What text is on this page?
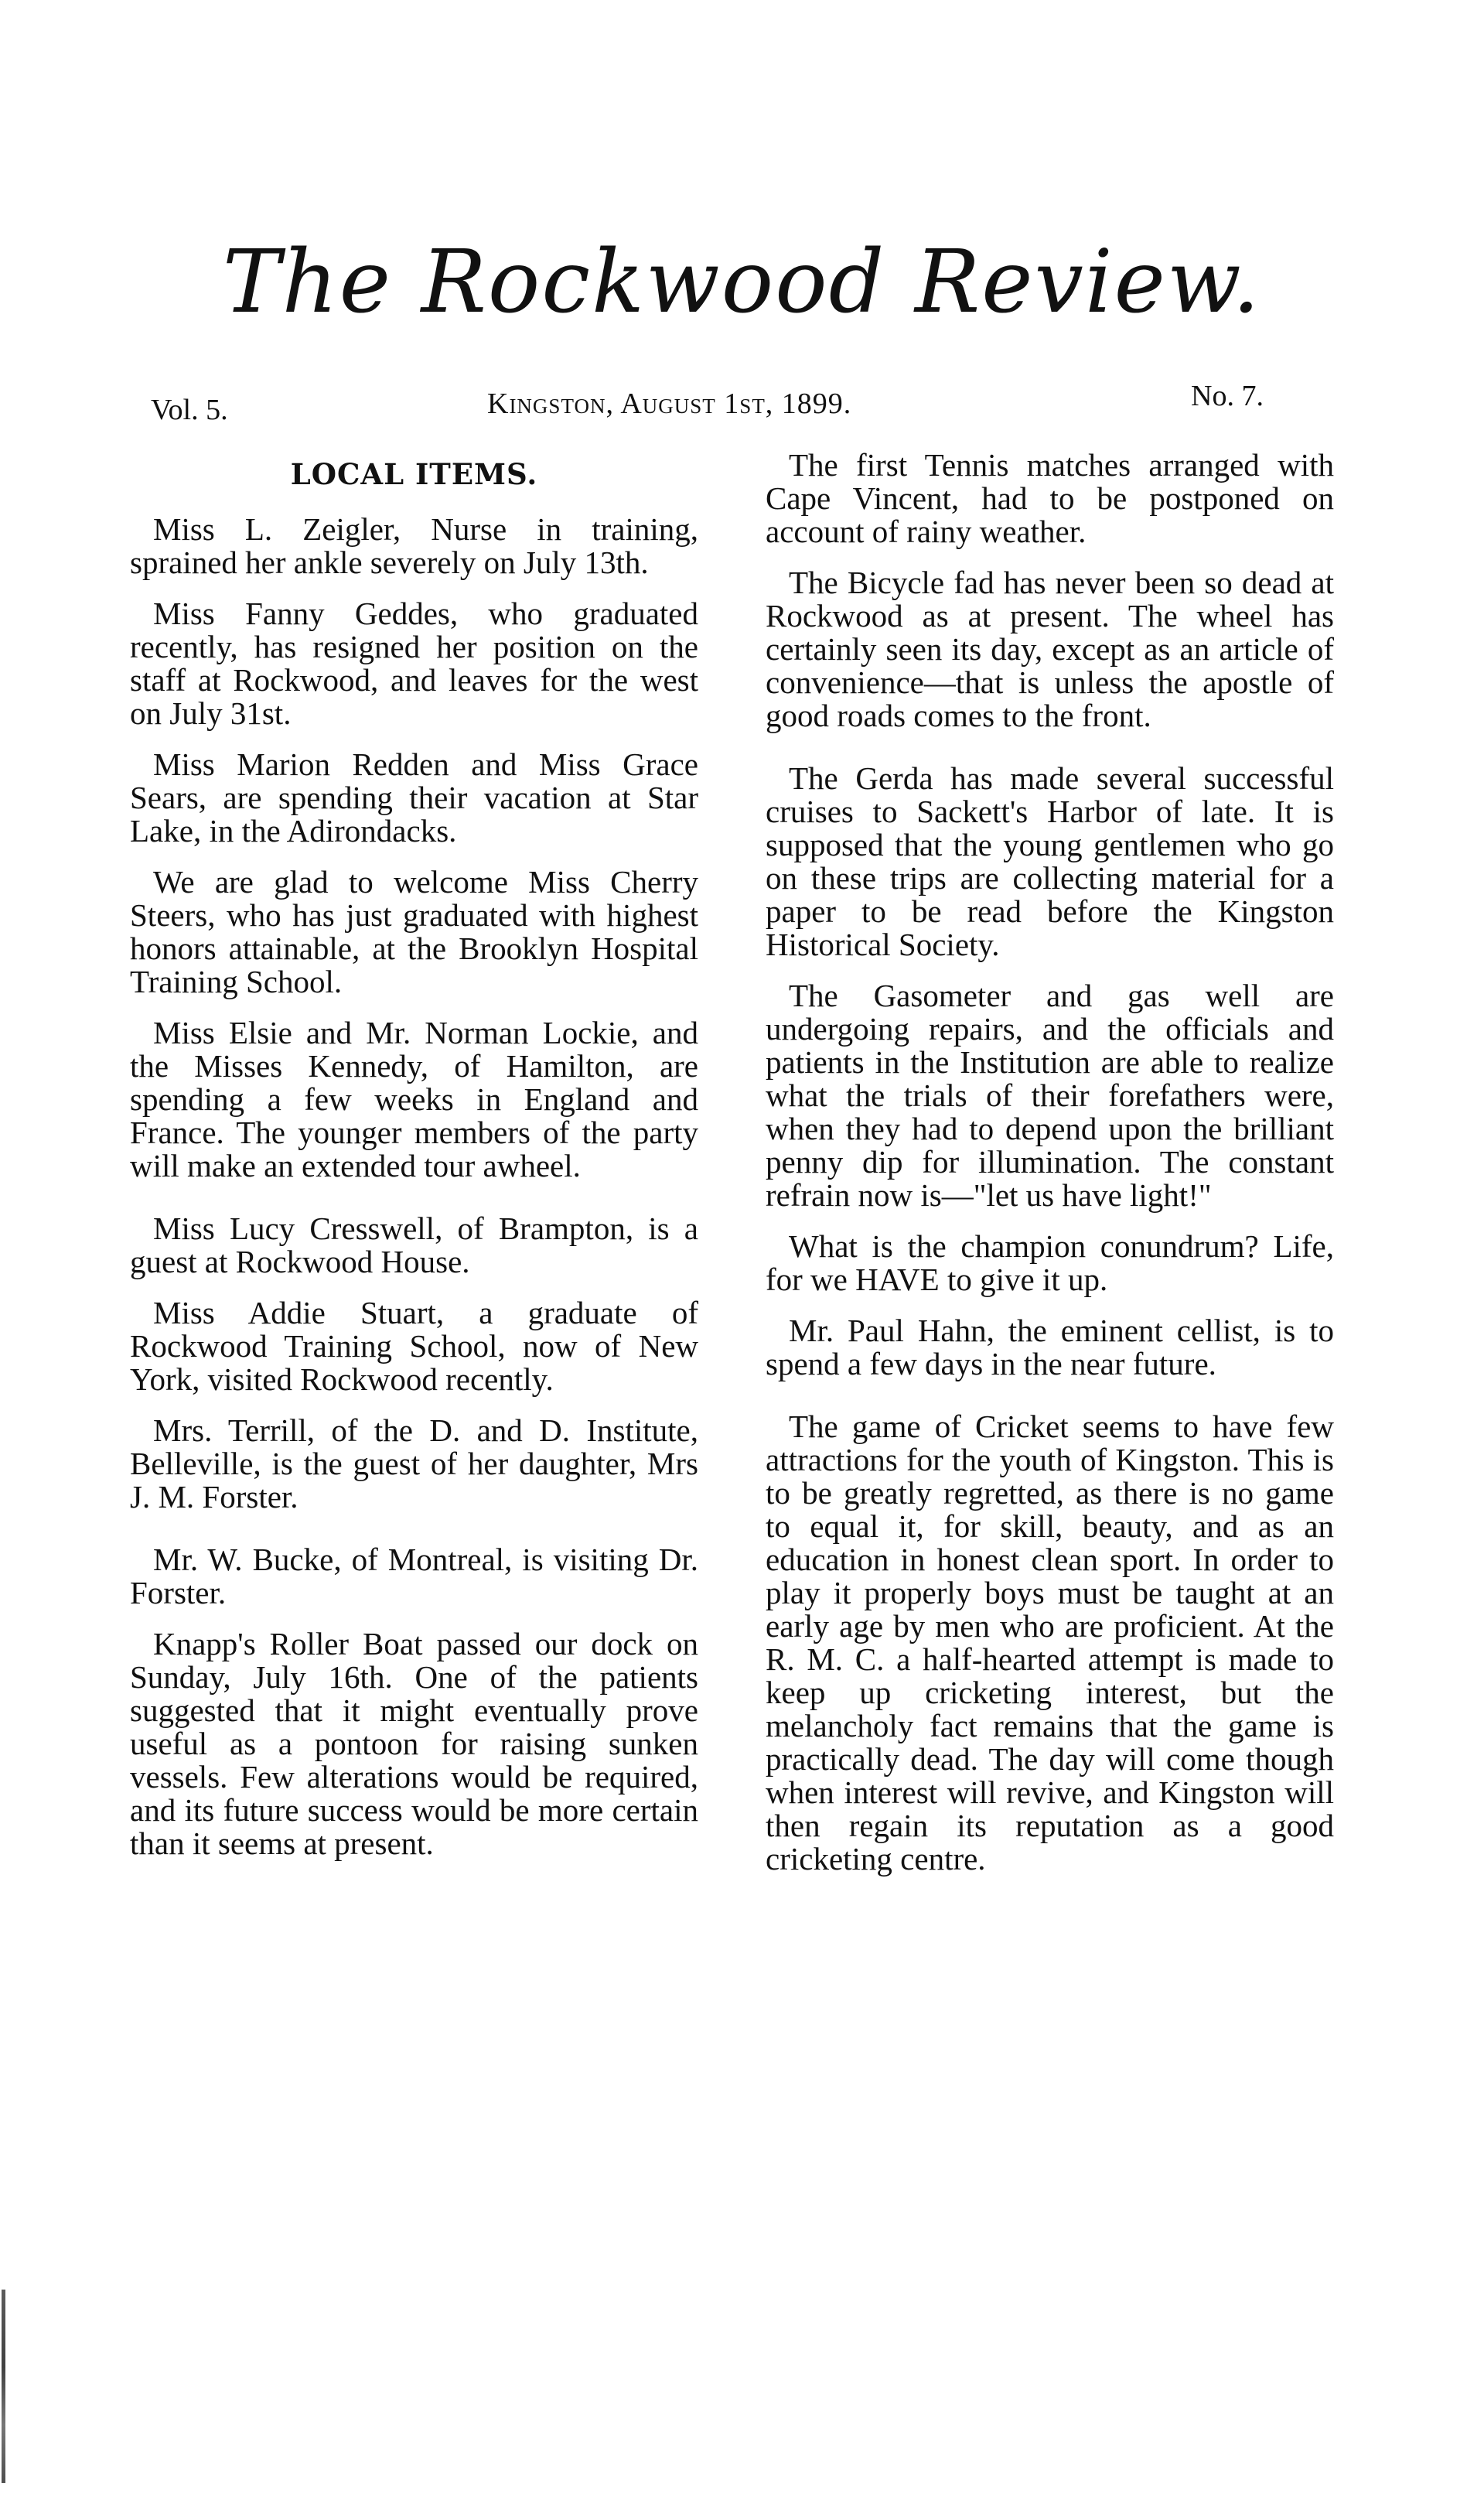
The Rockwood Review.
Vol. 5.	Kingston, August 1st, 1899.	No. 7.
LOCAL ITEMS.

Miss L. Zeigler, Nurse in training, sprained her ankle severely on July 13th.

Miss Fanny Geddes, who graduated recently, has resigned her position on the staff at Rockwood, and leaves for the west on July 31st.

Miss Marion Redden and Miss Grace Sears, are spending their vacation at Star Lake, in the Adirondacks.

We are glad to welcome Miss Cherry Steers, who has just graduated with highest honors attainable, at the Brooklyn Hospital Training School.

Miss Elsie and Mr. Norman Lockie, and the Misses Kennedy, of Hamilton, are spending a few weeks in England and France. The younger members of the party will make an extended tour awheel.

Miss Lucy Cresswell, of Brampton, is a guest at Rockwood House.

Miss Addie Stuart, a graduate of Rockwood Training School, now of New York, visited Rockwood recently.

Mrs. Terrill, of the D. and D. Institute, Belleville, is the guest of her daughter, Mrs J. M. Forster.

Mr. W. Bucke, of Montreal, is visiting Dr. Forster.

Knapp's Roller Boat passed our dock on Sunday, July 16th. One of the patients suggested that it might eventually prove useful as a pontoon for raising sunken vessels. Few alterations would be required, and its future success would be more certain than it seems at present.

The first Tennis matches arranged with Cape Vincent, had to be postponed on account of rainy weather.

The Bicycle fad has never been so dead at Rockwood as at present. The wheel has certainly seen its day, except as an article of convenience—that is unless the apostle of good roads comes to the front.

The Gerda has made several successful cruises to Sackett's Harbor of late. It is supposed that the young gentlemen who go on these trips are collecting material for a paper to be read before the Kingston Historical Society.

The Gasometer and gas well are undergoing repairs, and the officials and patients in the Institution are able to realize what the trials of their forefathers were, when they had to depend upon the brilliant penny dip for illumination. The constant refrain now is—"let us have light!"

What is the champion conundrum? Life, for we HAVE to give it up.

Mr. Paul Hahn, the eminent cellist, is to spend a few days in the near future.

The game of Cricket seems to have few attractions for the youth of Kingston. This is to be greatly regretted, as there is no game to equal it, for skill, beauty, and as an education in honest clean sport. In order to play it properly boys must be taught at an early age by men who are proficient. At the R. M. C. a half-hearted attempt is made to keep up cricketing interest, but the melancholy fact remains that the game is practically dead. The day will come though when interest will revive, and Kingston will then regain its reputation as a good cricketing centre.
